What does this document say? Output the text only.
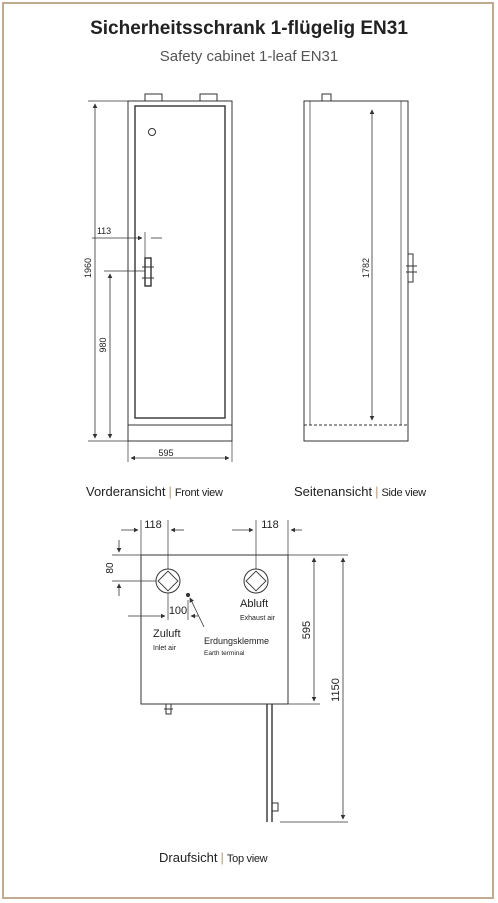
Sicherheitsschrank 1-flügelig EN31
Safety cabinet 1-leaf EN31
1960
980
113
595
1782
118	118
80
100
595
1150
Zuluft
Inlet air
Abluft
Exhaust air
Erdungsklemme
Earth terminal
Vorderansicht | Front view	Seitenansicht | Side view
Draufsicht | Top view
